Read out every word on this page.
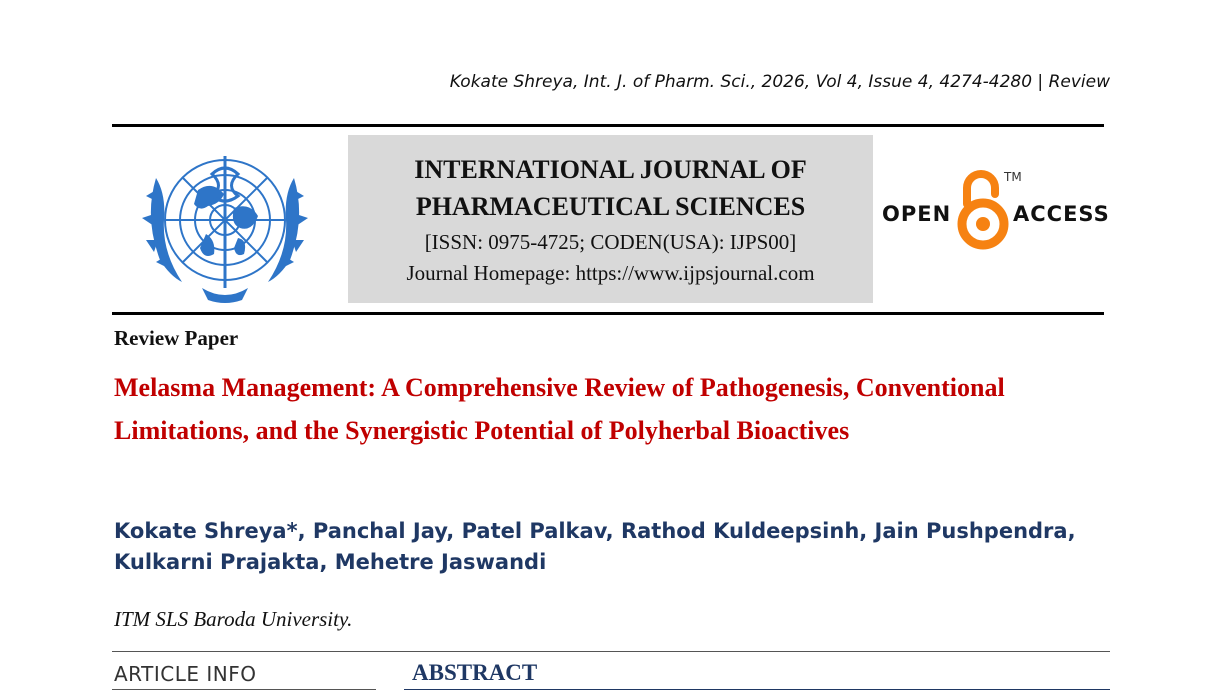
Kokate Shreya, Int. J. of Pharm. Sci., 2026, Vol 4, Issue 4, 4274-4280 | Review
INTERNATIONAL JOURNAL OF
PHARMACEUTICAL SCIENCES
[ISSN: 0975-4725; CODEN(USA): IJPS00]
Journal Homepage: https://www.ijpsjournal.com
OPEN
TM
ACCESS
Review Paper
Melasma Management: A Comprehensive Review of Pathogenesis, Conventional Limitations, and the Synergistic Potential of Polyherbal Bioactives
Kokate Shreya*, Panchal Jay, Patel Palkav, Rathod Kuldeepsinh, Jain Pushpendra,
Kulkarni Prajakta, Mehetre Jaswandi
ITM SLS Baroda University.
ARTICLE INFO	ABSTRACT
